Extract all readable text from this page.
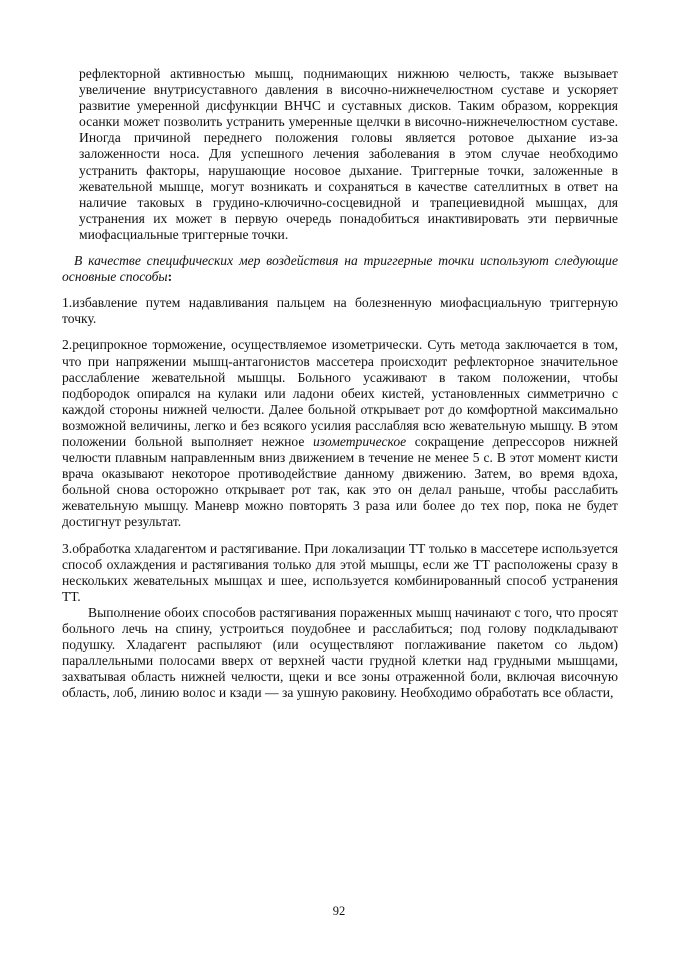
рефлекторной активностью мышц, поднимающих нижнюю челюсть, также вызывает увеличение внутрисуставного давления в височно-нижнечелюстном суставе и ускоряет развитие умеренной дисфункции ВНЧС и суставных дисков. Таким образом, коррекция осанки может позволить устранить умеренные щелчки в височно-нижнечелюстном суставе. Иногда причиной переднего положения головы является ротовое дыхание из-за заложенности носа. Для успешного лечения заболевания в этом случае необходимо устранить факторы, нарушающие носовое дыхание. Триггерные точки, заложенные в жевательной мышце, могут возникать и сохраняться в качестве сателлитных в ответ на наличие таковых в грудино-ключично-сосцевидной и трапециевидной мышцах, для устранения их может в первую очередь понадобиться инактивировать эти первичные миофасциальные триггерные точки.

В качестве специфических мер воздействия на триггерные точки используют следующие основные способы:

1.избавление путем надавливания пальцем на болезненную миофасциальную триггерную точку.

2.реципрокное торможение, осуществляемое изометрически. Суть метода заключается в том, что при напряжении мышц-антагонистов массетера происходит рефлекторное значительное расслабление жевательной мышцы. Больного усаживают в таком положении, чтобы подбородок опирался на кулаки или ладони обеих кистей, установленных симметрично с каждой стороны нижней челюсти. Далее больной открывает рот до комфортной максимально возможной величины, легко и без всякого усилия расслабляя всю жевательную мышцу. В этом положении больной выполняет нежное изометрическое сокращение депрессоров нижней челюсти плавным направленным вниз движением в течение не менее 5 с. В этот момент кисти врача оказывают некоторое противодействие данному движению. Затем, во время вдоха, больной снова осторожно открывает рот так, как это он делал раньше, чтобы расслабить жевательную мышцу. Маневр можно повторять 3 раза или более до тех пор, пока не будет достигнут результат.

3.обработка хладагентом и растягивание. При локализации ТТ только в массетере используется способ охлаждения и растягивания только для этой мышцы, если же ТТ расположены сразу в нескольких жевательных мышцах и шее, используется комбинированный способ устранения ТТ.

Выполнение обоих способов растягивания пораженных мышц начинают с того, что просят больного лечь на спину, устроиться поудобнее и расслабиться; под голову подкладывают подушку. Хладагент распыляют (или осуществляют поглаживание пакетом со льдом) параллельными полосами вверх от верхней части грудной клетки над грудными мышцами, захватывая область нижней челюсти, щеки и все зоны отраженной боли, включая височную область, лоб, линию волос и кзади — за ушную раковину. Необходимо обработать все области,

92
